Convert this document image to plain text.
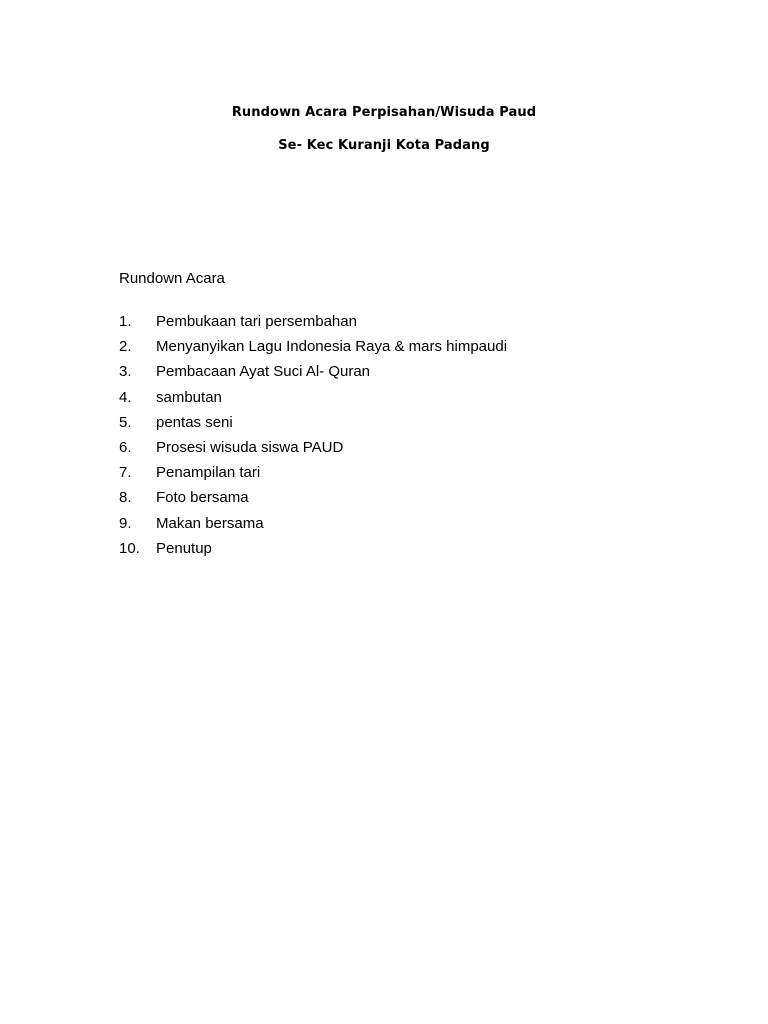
Rundown Acara Perpisahan/Wisuda Paud
Se- Kec Kuranji Kota Padang
Rundown Acara
1.	Pembukaan tari persembahan
2.	Menyanyikan Lagu Indonesia Raya & mars himpaudi
3.	Pembacaan Ayat Suci Al- Quran
4.	sambutan
5.	pentas seni
6.	Prosesi wisuda siswa PAUD
7.	Penampilan tari
8.	Foto bersama
9.	Makan bersama
10.	Penutup
